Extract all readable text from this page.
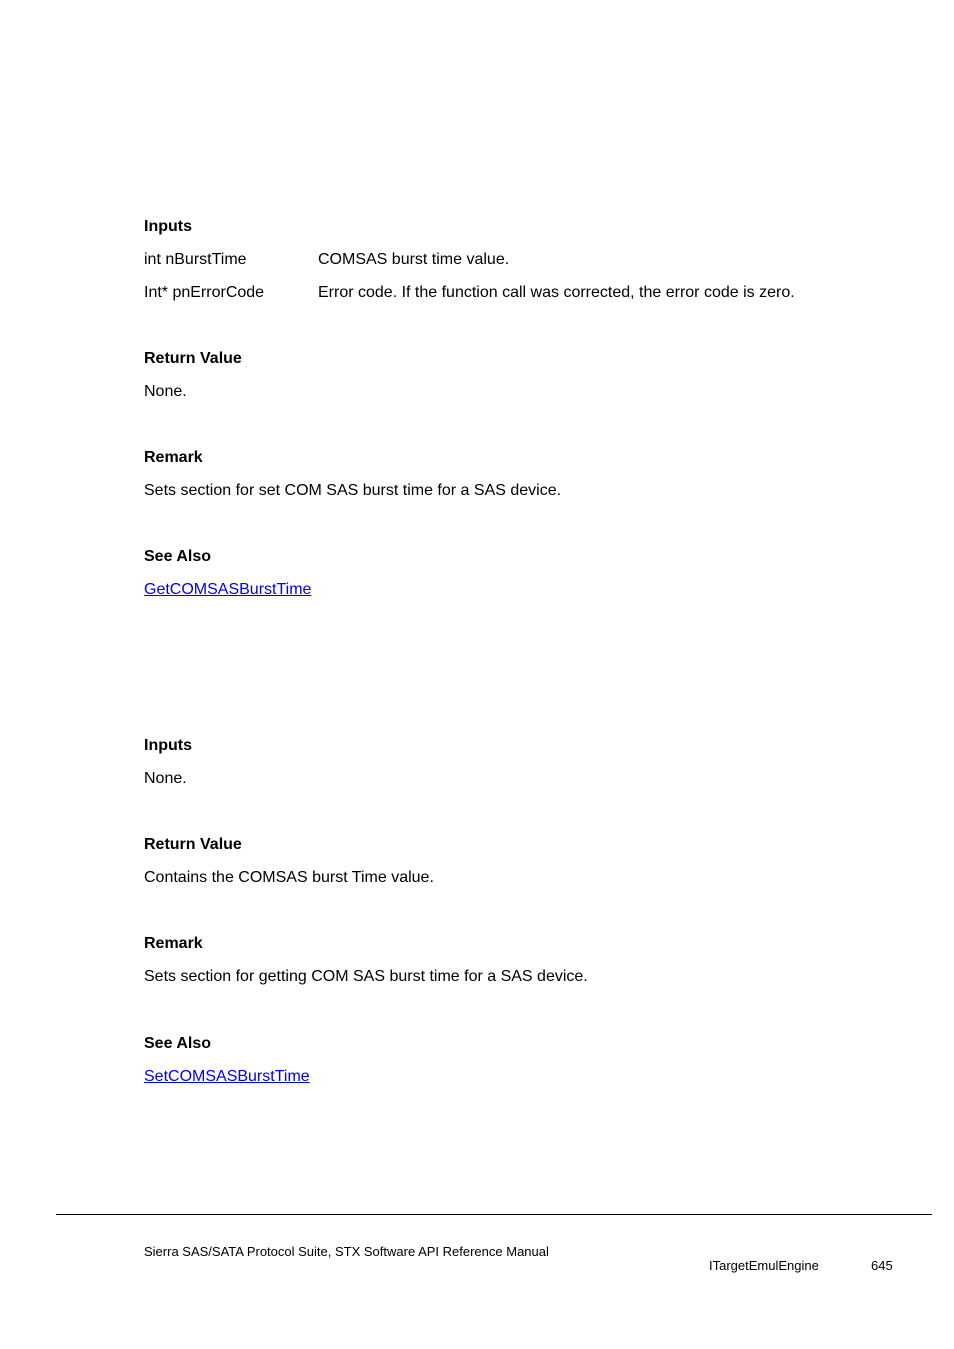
Inputs
int nBurstTime	COMSAS burst time value.
Int* pnErrorCode	Error code. If the function call was corrected, the error code is zero.
Return Value
None.
Remark
Sets section for set COM SAS burst time for a SAS device.
See Also
GetCOMSASBurstTime
Inputs
None.
Return Value
Contains the COMSAS burst Time value.
Remark
Sets section for getting COM SAS burst time for a SAS device.
See Also
SetCOMSASBurstTime
Sierra SAS/SATA Protocol Suite, STX Software API Reference Manual
ITargetEmulEngine	645
